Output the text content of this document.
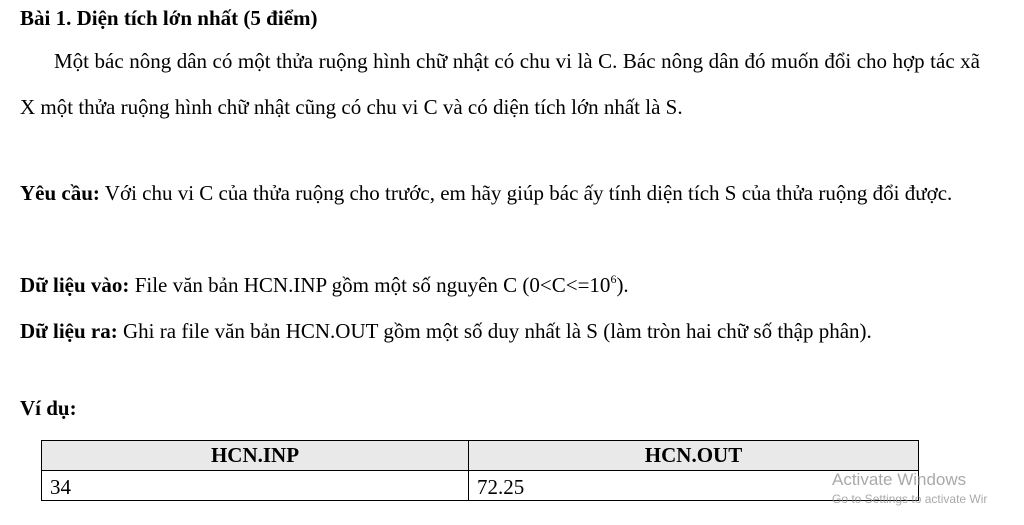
Bài 1. Diện tích lớn nhất (5 điểm)
Một bác nông dân có một thửa ruộng hình chữ nhật có chu vi là C. Bác nông dân đó muốn đổi cho hợp tác xã X một thửa ruộng hình chữ nhật cũng có chu vi C và có diện tích lớn nhất là S.
Yêu cầu: Với chu vi C của thửa ruộng cho trước, em hãy giúp bác ấy tính diện tích S của thửa ruộng đổi được.
Dữ liệu vào: File văn bản HCN.INP gồm một số nguyên C $(0<C<=10^6)$.
Dữ liệu ra: Ghi ra file văn bản HCN.OUT gồm một số duy nhất là S (làm tròn hai chữ số thập phân).
Ví dụ:
HCN.INP	HCN.OUT
34	72.25	Activate Windows
Go to Settings to activate Wir
